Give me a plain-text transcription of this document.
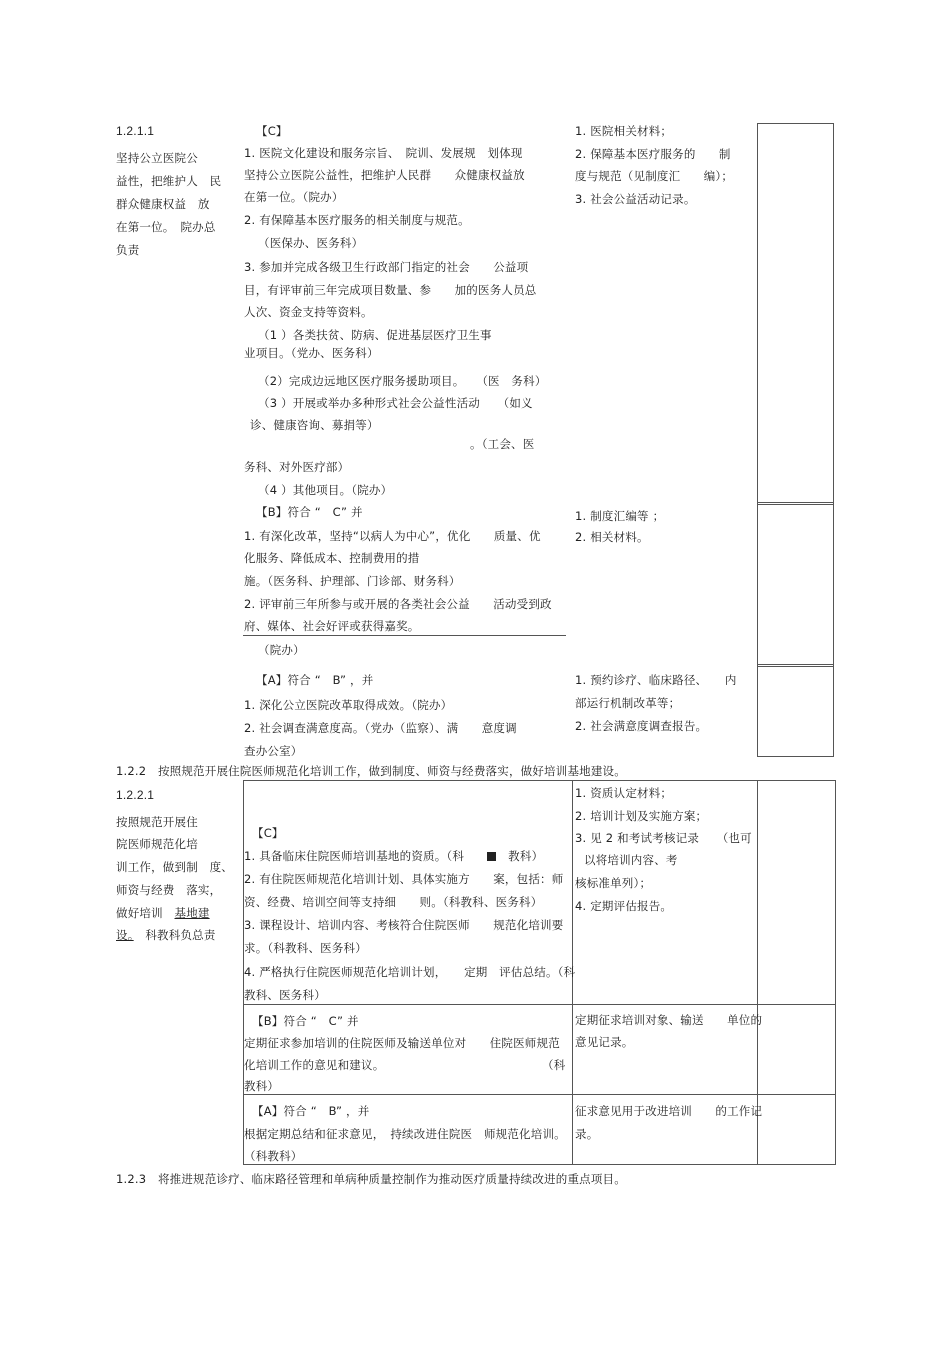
1.2.1.1
坚持公立医院公
益性，把维护人　民
群众健康权益　放
在第一位。　院办总
负责
【C】
1. 医院文化建设和服务宗旨、　院训、发展规　划体现
坚持公立医院公益性，把维护人民群　　众健康权益放
在第一位。（院办）
2. 有保障基本医疗服务的相关制度与规范。
（医保办、医务科）
3. 参加并完成各级卫生行政部门指定的社会　　公益项
目，有评审前三年完成项目数量、参　　加的医务人员总
人次、资金支持等资料。
（1 ）各类扶贫、防病、促进基层医疗卫生事
业项目。（党办、医务科）
（2）完成边远地区医疗服务援助项目。　　（医　务科）
（3 ）开展或举办多种形式社会公益性活动　　（如义
诊、健康咨询、募捐等）
。（工会、医
务科、对外医疗部）
（4 ）其他项目。（院办）
1. 医院相关材料；
2. 保障基本医疗服务的　　制
度与规范（见制度汇　　编）；
3. 社会公益活动记录。
【B】符合 “　C” 并
1. 有深化改革，坚持“以病人为中心”，优化　　质量、优
化服务、降低成本、控制费用的措
施。（医务科、护理部、门诊部、财务科）
2. 评审前三年所参与或开展的各类社会公益　　活动受到政
府、媒体、社会好评或获得嘉奖。
（院办）
1. 制度汇编等 ；
2. 相关材料。
【A】符合 “　B” ，并
1. 深化公立医院改革取得成效。（院办）
2. 社会调查满意度高。（党办（监察）、满　　意度调
查办公室）
1. 预约诊疗、临床路径、　　内
部运行机制改革等；
2. 社会满意度调查报告。
1.2.2　按照规范开展住院医师规范化培训工作，做到制度、师资与经费落实，做好培训基地建设。
1.2.2.1
按照规范开展住
院医师规范化培
训工作，做到制　度、
师资与经费　落实，
做好培训　基地建
设。　科教科负总责
【C】
1. 具备临床住院医师培训基地的资质。（科　　　教科）
2. 有住院医师规范化培训计划、具体实施方　　案，包括：师
资、经费、培训空间等支持细　　则。（科教科、医务科）
3. 课程设计、培训内容、考核符合住院医师　　规范化培训要
求。（科教科、医务科）
4. 严格执行住院医师规范化培训计划，　　定期　评估总结。（科
教科、医务科）
1. 资质认定材料；
2. 培训计划及实施方案；
3. 见 2 和考试考核记录　　（也可
以将培训内容、考
核标准单列）；
4. 定期评估报告。
【B】符合 “　C” 并
定期征求参加培训的住院医师及输送单位对　　住院医师规范
化培训工作的意见和建议。	（科
教科）
定期征求培训对象、输送　　单位的
意见记录。
【A】符合 “　B” ，并
根据定期总结和征求意见，　持续改进住院医　师规范化培训。
（科教科）
征求意见用于改进培训　　的工作记
录。
1.2.3　将推进规范诊疗、临床路径管理和单病种质量控制作为推动医疗质量持续改进的重点项目。
